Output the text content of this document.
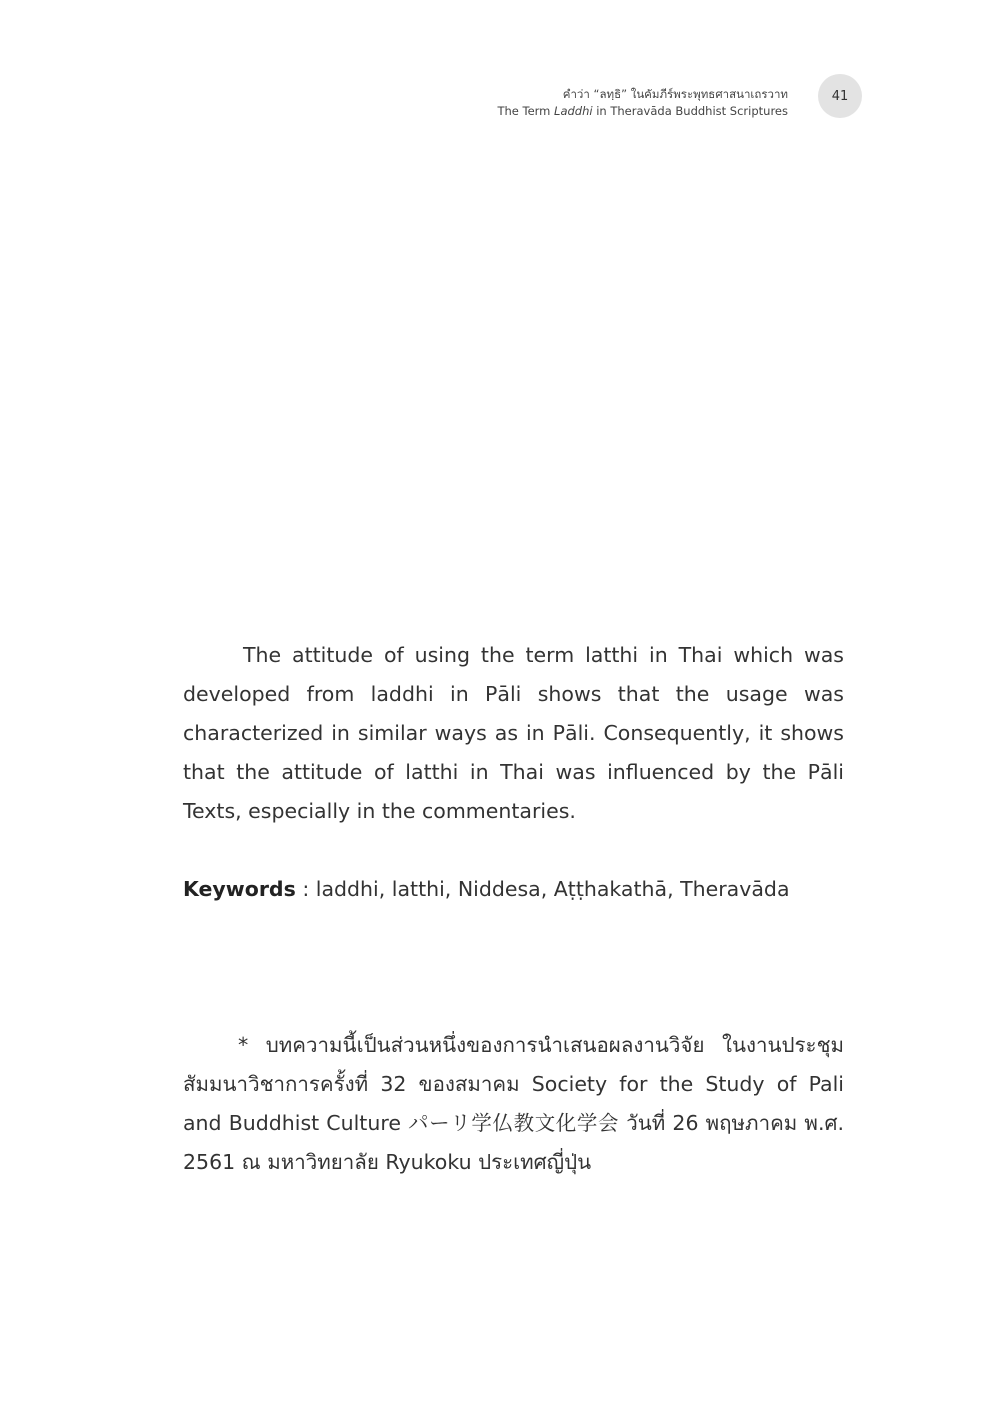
คำว่า “ลทฺธิ” ในคัมภีร์พระพุทธศาสนาเถรวาท
The Term Laddhi in Theravāda Buddhist Scriptures
41

The attitude of using the term latthi in Thai which was developed from laddhi in Pāli shows that the usage was characterized in similar ways as in Pāli. Consequently, it shows that the attitude of latthi in Thai was influenced by the Pāli Texts, especially in the commentaries.

Keywords : laddhi, latthi, Niddesa, Aṭṭhakathā, Theravāda

* บทความนี้เป็นส่วนหนึ่งของการนำเสนอผลงานวิจัย ในงานประชุมสัมมนาวิชาการครั้งที่ 32 ของสมาคม Society for the Study of Pali and Buddhist Culture パーリ学仏教文化学会 วันที่ 26 พฤษภาคม พ.ศ. 2561 ณ มหาวิทยาลัย Ryukoku ประเทศญี่ปุ่น
